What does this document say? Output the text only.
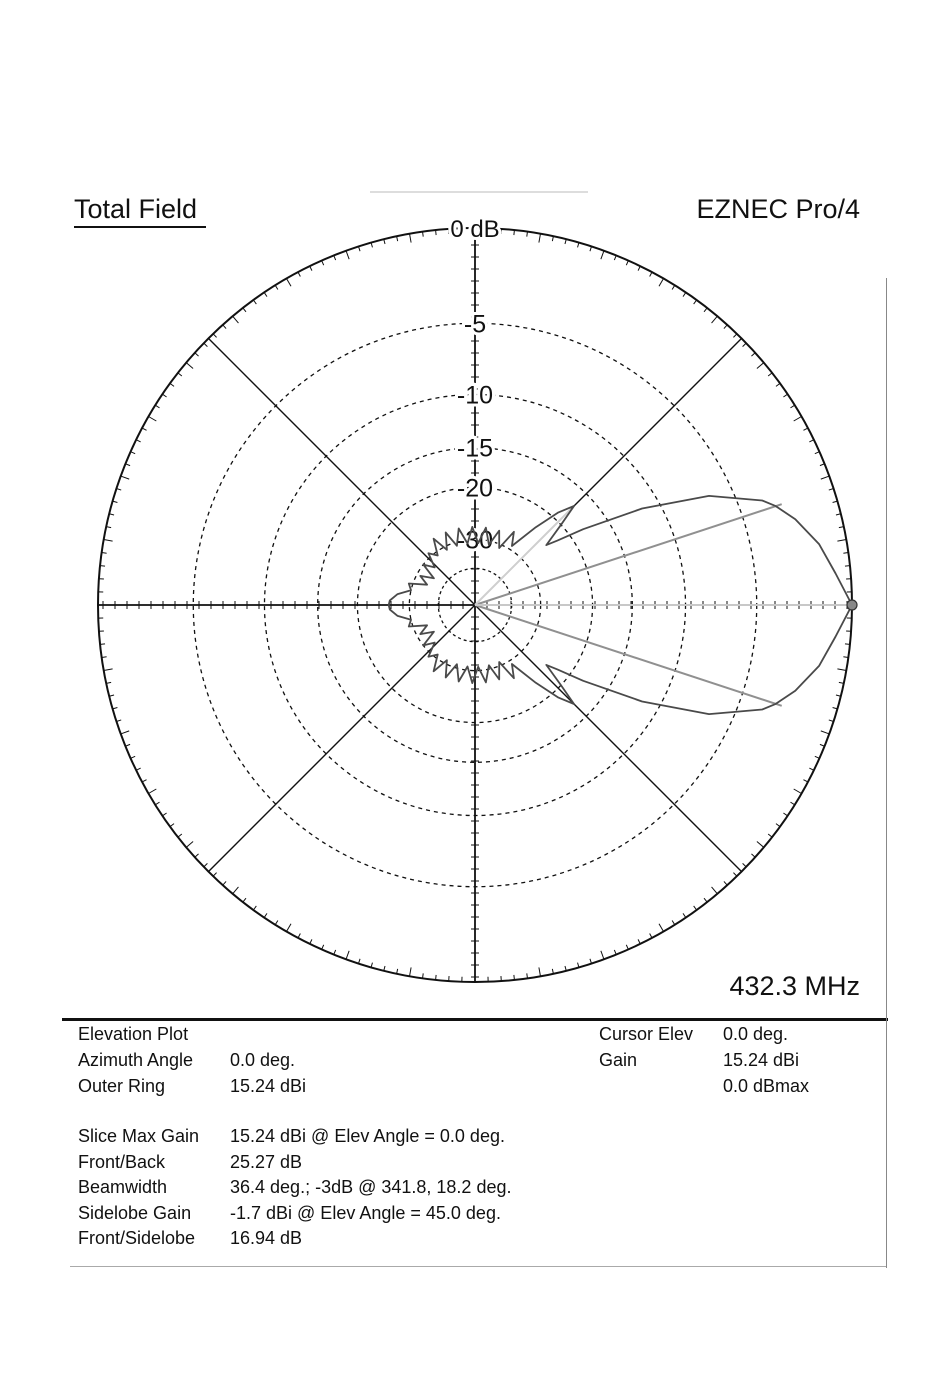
Total Field	EZNEC Pro/4
432.3 MHz
0 dB
-5
-10
-15
-20
-30
Elevation Plot	Cursor Elev 0.0 deg.
Azimuth Angle 0.0 deg.	Gain	15.24 dBi
Outer Ring	15.24 dBi	0.0 dBmax
Slice Max Gain 15.24 dBi @ Elev Angle = 0.0 deg.
Front/Back	25.27 dB
Beamwidth	36.4 deg.; -3dB @ 341.8, 18.2 deg.
Sidelobe Gain -1.7 dBi @ Elev Angle = 45.0 deg.
Front/Sidelobe 16.94 dB
